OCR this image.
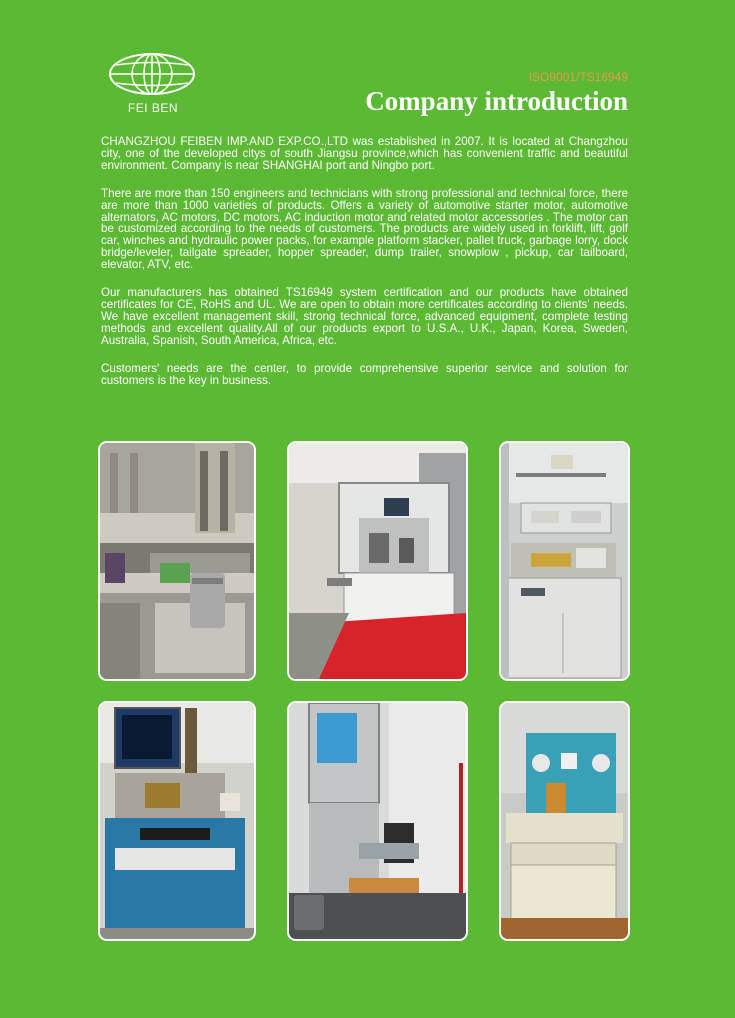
FEI BEN
ISO9001/TS16949
Company introduction

CHANGZHOU FEIBEN IMP.AND EXP.CO.,LTD was established in 2007. It is located at Changzhou city, one of the developed citys of south Jiangsu province,which has convenient traffic and beautiful environment. Company is near SHANGHAI port and Ningbo port.

There are more than 150 engineers and technicians with strong professional and technical force, there are more than 1000 varieties of products. Offers a variety of automotive starter motor, automotive alternators, AC motors, DC motors, AC induction motor and related motor accessories . The motor can be customized according to the needs of customers. The products are widely used in forklift, lift, golf car, winches and hydraulic power packs, for example platform stacker, pallet truck, garbage lorry, dock bridge/leveler, tailgate spreader, hopper spreader, dump trailer, snowplow , pickup, car tailboard, elevator, ATV, etc.

Our manufacturers has obtained TS16949 system certification and our products have obtained certificates for CE, RoHS and UL. We are open to obtain more certificates according to clients' needs. We have excellent management skill, strong technical force, advanced equipment, complete testing methods and excellent quality.All of our products export to U.S.A., U.K., Japan, Korea, Sweden, Australia, Spanish, South America, Africa, etc.

Customers' needs are the center, to provide comprehensive superior service and solution for customers is the key in business.
